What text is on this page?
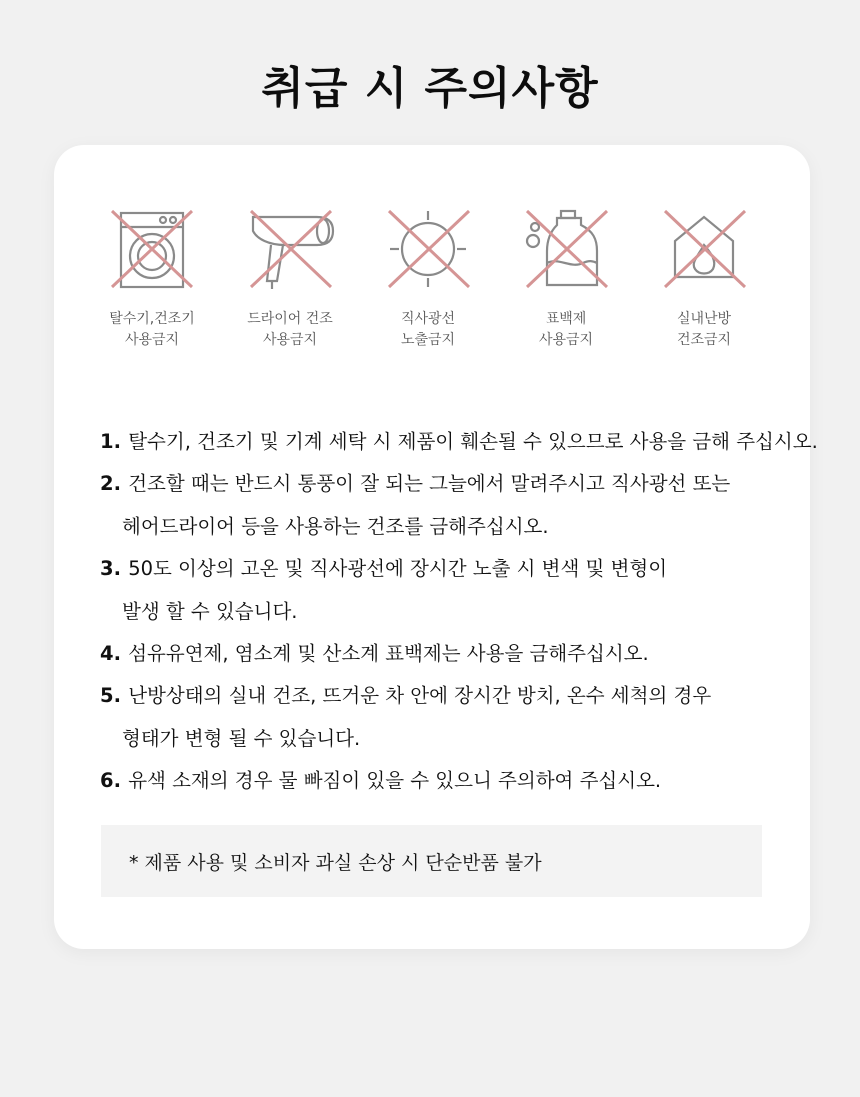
취급 시 주의사항
탈수기,건조기
사용금지
드라이어 건조
사용금지
직사광선
노출금지
표백제
사용금지
실내난방
건조금지
1. 탈수기, 건조기 및 기계 세탁 시 제품이 훼손될 수 있으므로 사용을 금해 주십시오.
2. 건조할 때는 반드시 통풍이 잘 되는 그늘에서 말려주시고 직사광선 또는
헤어드라이어 등을 사용하는 건조를 금해주십시오.
3. 50도 이상의 고온 및 직사광선에 장시간 노출 시 변색 및 변형이
발생 할 수 있습니다.
4. 섬유유연제, 염소계 및 산소계 표백제는 사용을 금해주십시오.
5. 난방상태의 실내 건조, 뜨거운 차 안에 장시간 방치, 온수 세척의 경우
형태가 변형 될 수 있습니다.
6. 유색 소재의 경우 물 빠짐이 있을 수 있으니 주의하여 주십시오.
* 제품 사용 및 소비자 과실 손상 시 단순반품 불가
